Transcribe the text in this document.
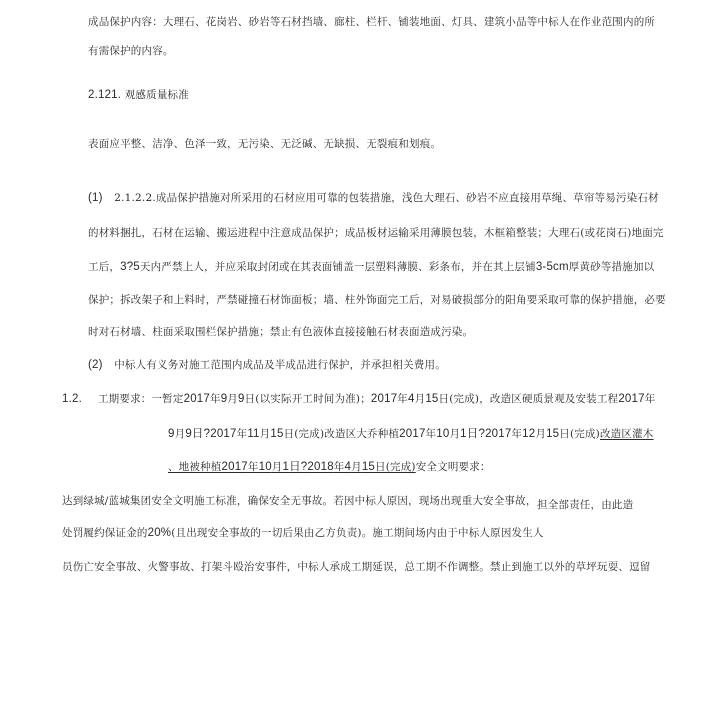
成品保护内容：大理石、花岗岩、砂岩等石材挡墙、廊柱、栏杆、铺装地面、灯具、建筑小品等中标人在作业范围内的所
有需保护的内容。
2.121. 观感质量标准
表面应平整、洁净、色泽一致，无污染、无泛碱、无缺损、无裂痕和划痕。
(1) 2.1.2.2.成品保护措施对所采用的石材应用可靠的包装措施，浅色大理石、砂岩不应直接用草绳、草帘等易污染石材
的材料捆扎，石材在运输、搬运进程中注意成品保护；成品板材运输采用薄膜包装，木框箱整装；大理石(或花岗石)地面完
工后，3?5天内严禁上人，并应采取封闭或在其表面铺盖一层塑料薄膜、彩条布，并在其上层铺3-5cm厚黄砂等措施加以
保护；拆改架子和上料时，严禁碰撞石材饰面板；墙、柱外饰面完工后，对易破损部分的阳角要采取可靠的保护措施，必要
时对石材墙、柱面采取围栏保护措施；禁止有色液体直接接触石材表面造成污染。
(2) 中标人有义务对施工范围内成品及半成品进行保护，并承担相关费用。
1.2. 工期要求：一暂定2017年9月9日(以实际开工时间为准)；2017年4月15日(完成)，改造区硬质景观及安装工程2017年
9月9日?2017年11月15日(完成)改造区大乔种植2017年10月1日?2017年12月15日(完成)改造区灌木
、地被种植2017年10月1日?2018年4月15日(完成)安全文明要求：
达到绿城/蓝城集团安全文明施工标准，确保安全无事故。若因中标人原因，现场出现重大安全事故， 担全部责任，由此造
处罚履约保证金的20%(且出现安全事故的一切后果由乙方负责)。施工期间场内由于中标人原因发生人
员伤亡安全事故、火警事故、打架斗殴治安事件，中标人承成工期延误，总工期不作调整。禁止到施工以外的草坪玩耍、逗留
